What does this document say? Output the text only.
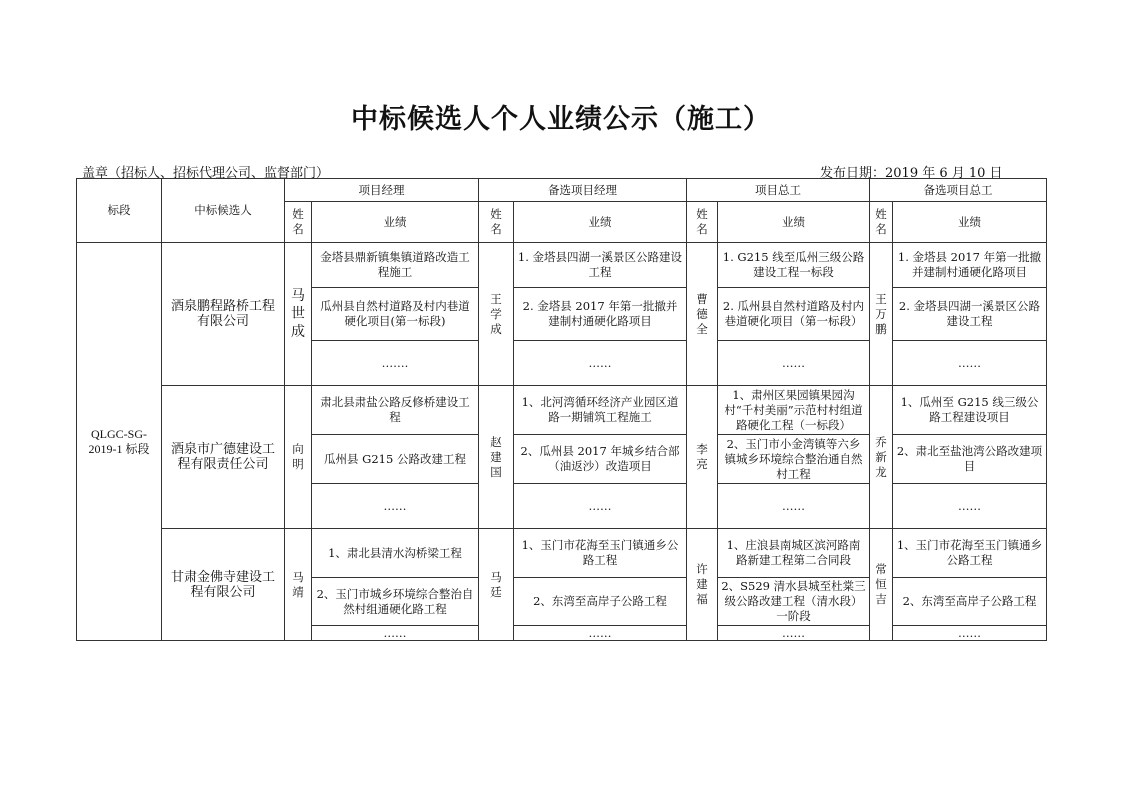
中标候选人个人业绩公示（施工）
盖章（招标人、招标代理公司、监督部门）	发布日期：2019 年 6 月 10 日
标段	中标候选人	项目经理		备选项目经理		项目总工		备选项目总工	
		姓名	业绩	姓名	业绩	姓名	业绩	姓名	业绩
QLGC-SG-2019-1 标段	酒泉鹏程路桥工程有限公司	马世成	金塔县鼎新镇集镇道路改造工程施工	王学成	1. 金塔县四湖一溪景区公路建设工程	曹德全	1. G215 线至瓜州三级公路建设工程一标段	王万鹏	1. 金塔县 2017 年第一批撤并建制村通硬化路项目
			瓜州县自然村道路及村内巷道硬化项目(第一标段)		2. 金塔县 2017 年第一批撤并建制村通硬化路项目		2. 瓜州县自然村道路及村内巷道硬化项目（第一标段）		2. 金塔县四湖一溪景区公路建设工程
			…….		……		……		……
	酒泉市广德建设工程有限责任公司	向明	肃北县肃盐公路反修桥建设工程	赵建国	1、北河湾循环经济产业园区道路一期铺筑工程施工	李亮	1、肃州区果园镇果园沟村“千村美丽”示范村村组道路硬化工程（一标段）	乔新龙	1、瓜州至 G215 线三级公路工程建设项目
			瓜州县 G215 公路改建工程		2、瓜州县 2017 年城乡结合部（油返沙）改造项目		2、玉门市小金湾镇等六乡镇城乡环境综合整治通自然村工程		2、肃北至盐池湾公路改建项目
			……		……		……		……
	甘肃金佛寺建设工程有限公司	马靖	1、肃北县清水沟桥梁工程	马廷	1、玉门市花海至玉门镇通乡公路工程	许建福	1、庄浪县南城区滨河路南路新建工程第二合同段	常恒吉	1、玉门市花海至玉门镇通乡公路工程
			2、玉门市城乡环境综合整治自然村组通硬化路工程		2、东湾至高岸子公路工程		2、S529 清水县城至杜棠三级公路改建工程（清水段）一阶段		2、东湾至高岸子公路工程
			……		……		……		……
